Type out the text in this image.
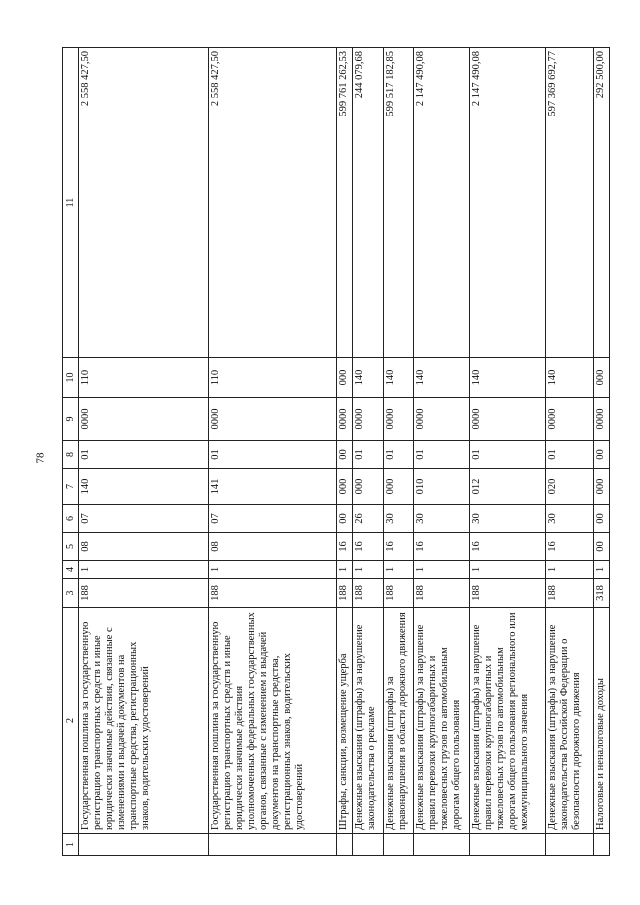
78
1	2	3	4	5	6	7	8	9	10	11
	Государственная пошлина за государственную регистрацию транспортных средств и иные юридически значимые действия, связанные с изменениями и выдачей документов на транспортные средства, регистрационных знаков, водительских удостоверений	188	1	08	07	140	01	0000	110	2 558 427,50
	Государственная пошлина за государственную регистрацию транспортных средств и иные юридически значимые действия уполномоченных федеральных государственных органов, связанные с изменением и выдачей документов на транспортные средства, регистрационных знаков, водительских удостоверений	188	1	08	07	141	01	0000	110	2 558 427,50
	Штрафы, санкции, возмещение ущерба	188	1	16	00	000	00	0000	000	599 761 262,53
	Денежные взыскания (штрафы) за нарушение законодательства о рекламе	188	1	16	26	000	01	0000	140	244 079,68
	Денежные взыскания (штрафы) за правонарушения в области дорожного движения	188	1	16	30	000	01	0000	140	599 517 182,85
	Денежные взыскания (штрафы) за нарушение правил перевозки крупногабаритных и тяжеловесных грузов по автомобильным дорогам общего пользования	188	1	16	30	010	01	0000	140	2 147 490,08
	Денежные взыскания (штрафы) за нарушение правил перевозки крупногабаритных и тяжеловесных грузов по автомобильным дорогам общего пользования регионального или межмуниципального значения	188	1	16	30	012	01	0000	140	2 147 490,08
	Денежные взыскания (штрафы) за нарушение законодательства Российской Федерации о безопасности дорожного движения	188	1	16	30	020	01	0000	140	597 369 692,77
	Налоговые и неналоговые доходы	318	1	00	00	000	00	0000	000	292 500,00
